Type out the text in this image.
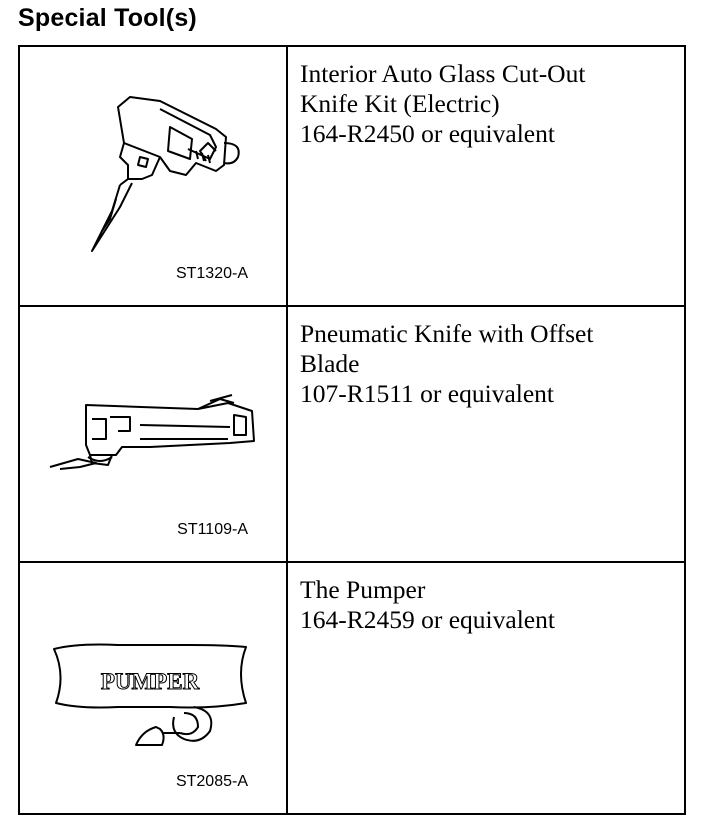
Special Tool(s)
ST1320-A
Interior Auto Glass Cut-Out
Knife Kit (Electric)
164-R2450 or equivalent
ST1109-A
Pneumatic Knife with Offset
Blade
107-R1511 or equivalent
PUMPER
ST2085-A
The Pumper
164-R2459 or equivalent
